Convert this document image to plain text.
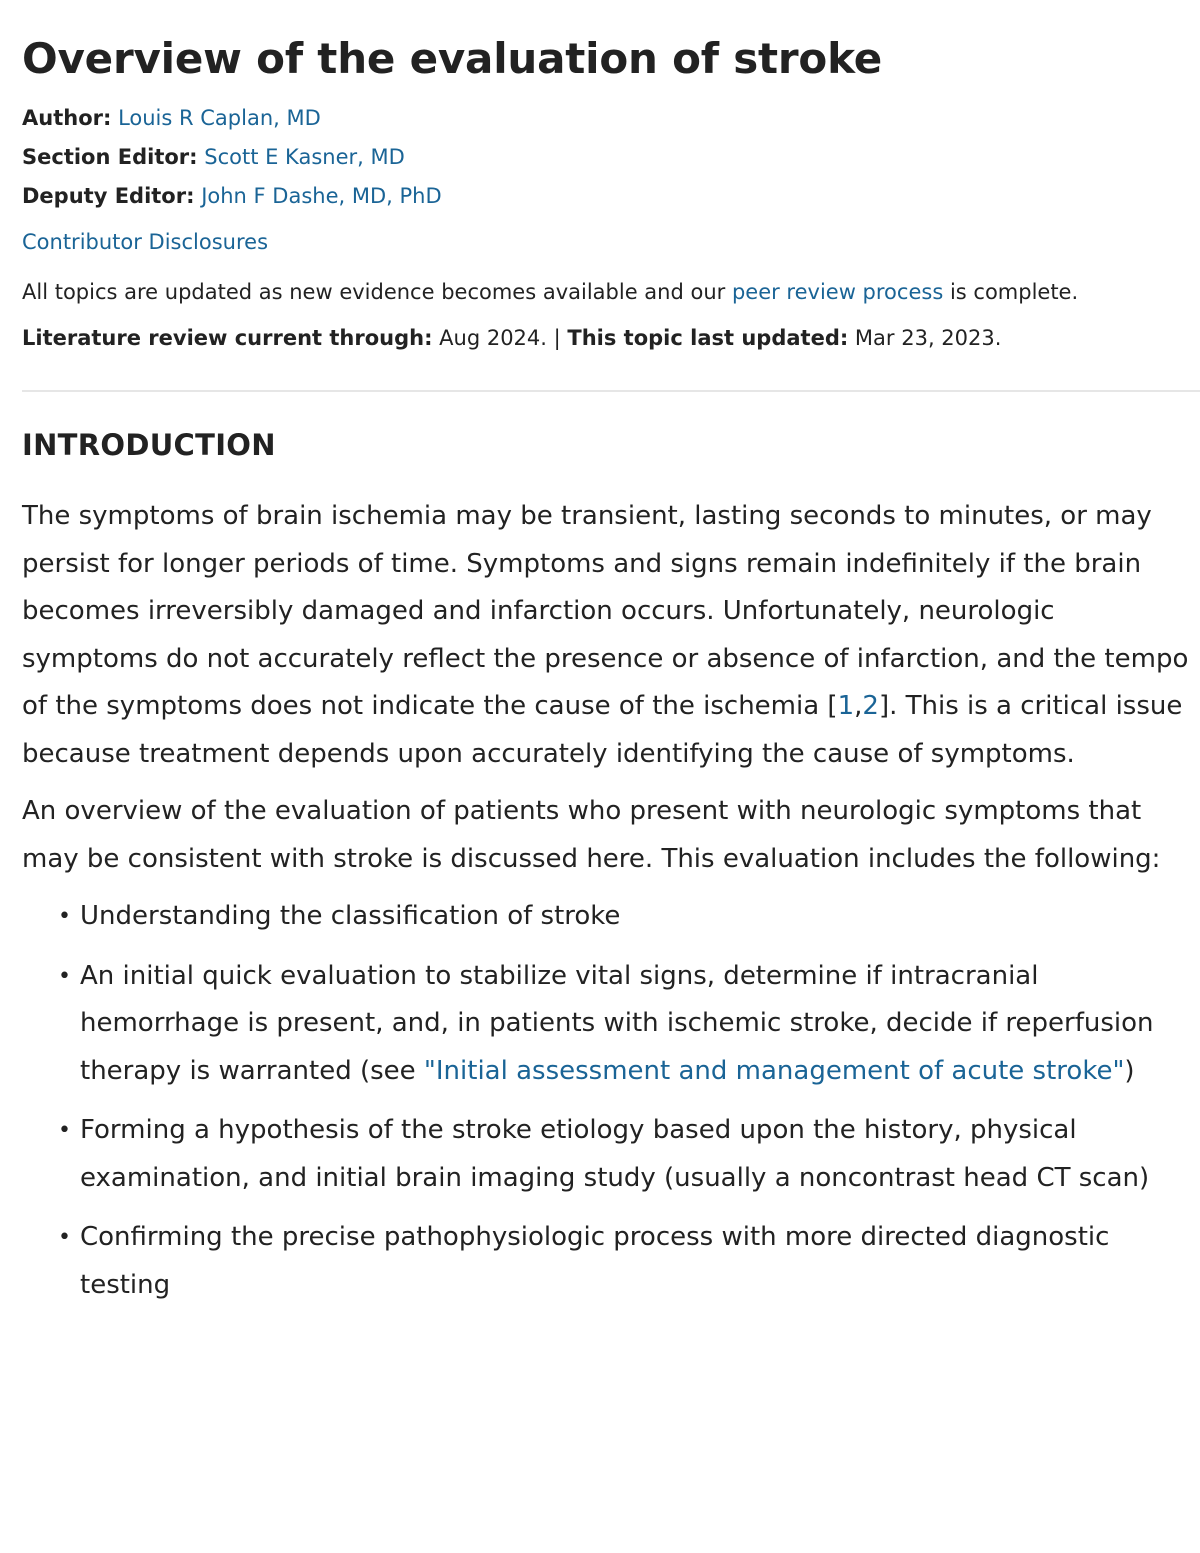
Overview of the evaluation of stroke
Author: Louis R Caplan, MD
Section Editor: Scott E Kasner, MD
Deputy Editor: John F Dashe, MD, PhD
Contributor Disclosures
All topics are updated as new evidence becomes available and our peer review process is complete.
Literature review current through: Aug 2024. | This topic last updated: Mar 23, 2023.
INTRODUCTION

The symptoms of brain ischemia may be transient, lasting seconds to minutes, or may persist for longer periods of time. Symptoms and signs remain indefinitely if the brain becomes irreversibly damaged and infarction occurs. Unfortunately, neurologic symptoms do not accurately reflect the presence or absence of infarction, and the tempo of the symptoms does not indicate the cause of the ischemia [1,2]. This is a critical issue because treatment depends upon accurately identifying the cause of symptoms.

An overview of the evaluation of patients who present with neurologic symptoms that may be consistent with stroke is discussed here. This evaluation includes the following:

• Understanding the classification of stroke
• An initial quick evaluation to stabilize vital signs, determine if intracranial hemorrhage is present, and, in patients with ischemic stroke, decide if reperfusion therapy is warranted (see "Initial assessment and management of acute stroke")
• Forming a hypothesis of the stroke etiology based upon the history, physical examination, and initial brain imaging study (usually a noncontrast head CT scan)
• Confirming the precise pathophysiologic process with more directed diagnostic testing
